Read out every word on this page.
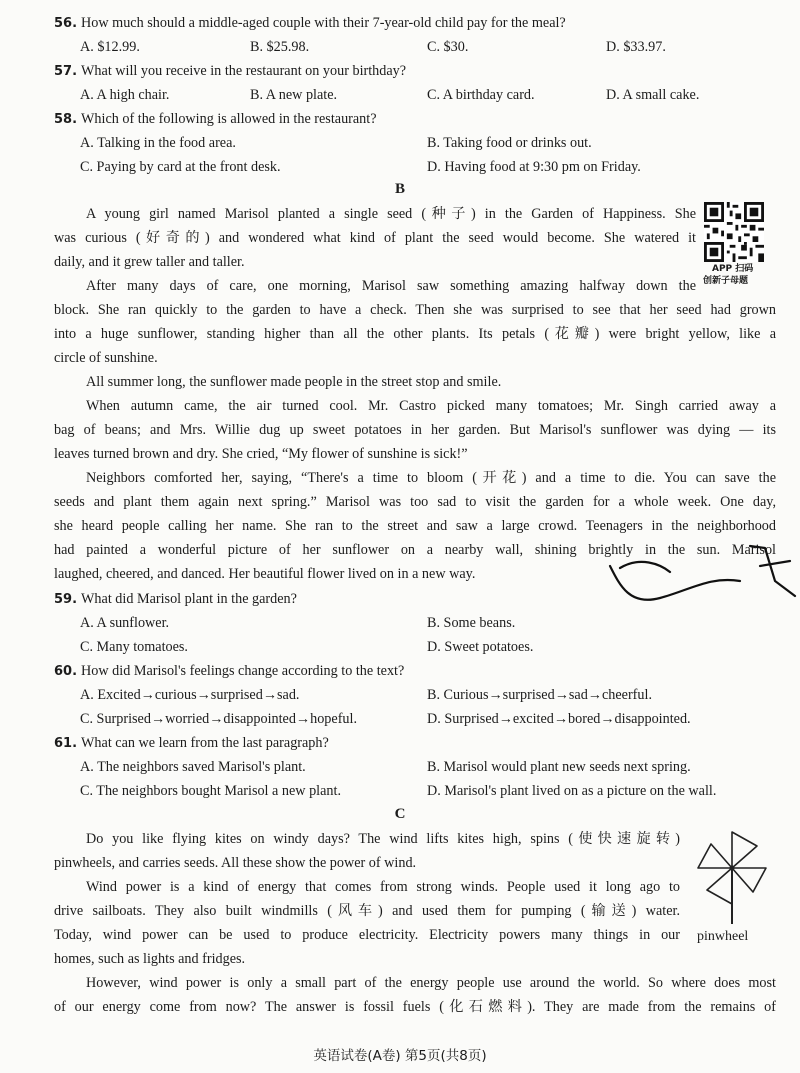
56. How much should a middle-aged couple with their 7-year-old child pay for the meal?
A. $12.99.	B. $25.98.	C. $30.	D. $33.97.
57. What will you receive in the restaurant on your birthday?
A. A high chair.	B. A new plate.	C. A birthday card.	D. A small cake.
58. Which of the following is allowed in the restaurant?
A. Talking in the food area.	B. Taking food or drinks out.
C. Paying by card at the front desk.	D. Having food at 9:30 pm on Friday.
B
APP 扫码
创新子母题
A young girl named Marisol planted a single seed (种子) in the Garden of Happiness. She
was curious (好奇的) and wondered what kind of plant the seed would become. She watered it
daily, and it grew taller and taller.
After many days of care, one morning, Marisol saw something amazing halfway down the
block. She ran quickly to the garden to have a check. Then she was surprised to see that her seed had grown
into a huge sunflower, standing higher than all the other plants. Its petals (花瓣) were bright yellow, like a
circle of sunshine.
All summer long, the sunflower made people in the street stop and smile.
When autumn came, the air turned cool. Mr. Castro picked many tomatoes; Mr. Singh carried away a
bag of beans; and Mrs. Willie dug up sweet potatoes in her garden. But Marisol's sunflower was dying — its
leaves turned brown and dry. She cried, “My flower of sunshine is sick!”
Neighbors comforted her, saying, “There's a time to bloom (开花) and a time to die. You can save the
seeds and plant them again next spring.” Marisol was too sad to visit the garden for a whole week. One day,
she heard people calling her name. She ran to the street and saw a large crowd. Teenagers in the neighborhood
had painted a wonderful picture of her sunflower on a nearby wall, shining brightly in the sun. Marisol
laughed, cheered, and danced. Her beautiful flower lived on in a new way.
59. What did Marisol plant in the garden?
A. A sunflower.	B. Some beans.
C. Many tomatoes.	D. Sweet potatoes.
60. How did Marisol's feelings change according to the text?
A. Excited→curious→surprised→sad.	B. Curious→surprised→sad→cheerful.
C. Surprised→worried→disappointed→hopeful.	D. Surprised→excited→bored→disappointed.
61. What can we learn from the last paragraph?
A. The neighbors saved Marisol's plant.	B. Marisol would plant new seeds next spring.
C. The neighbors bought Marisol a new plant.	D. Marisol's plant lived on as a picture on the wall.
C
Do you like flying kites on windy days? The wind lifts kites high, spins (使快速旋转)
pinwheels, and carries seeds. All these show the power of wind.
Wind power is a kind of energy that comes from strong winds. People used it long ago to
drive sailboats. They also built windmills (风车) and used them for pumping (输送) water.
Today, wind power can be used to produce electricity. Electricity powers many things in our
homes, such as lights and fridges.
However, wind power is only a small part of the energy people use around the world. So where does most
of our energy come from now? The answer is fossil fuels (化石燃料). They are made from the remains of
pinwheel
英语试卷(A卷) 第5页(共8页)
